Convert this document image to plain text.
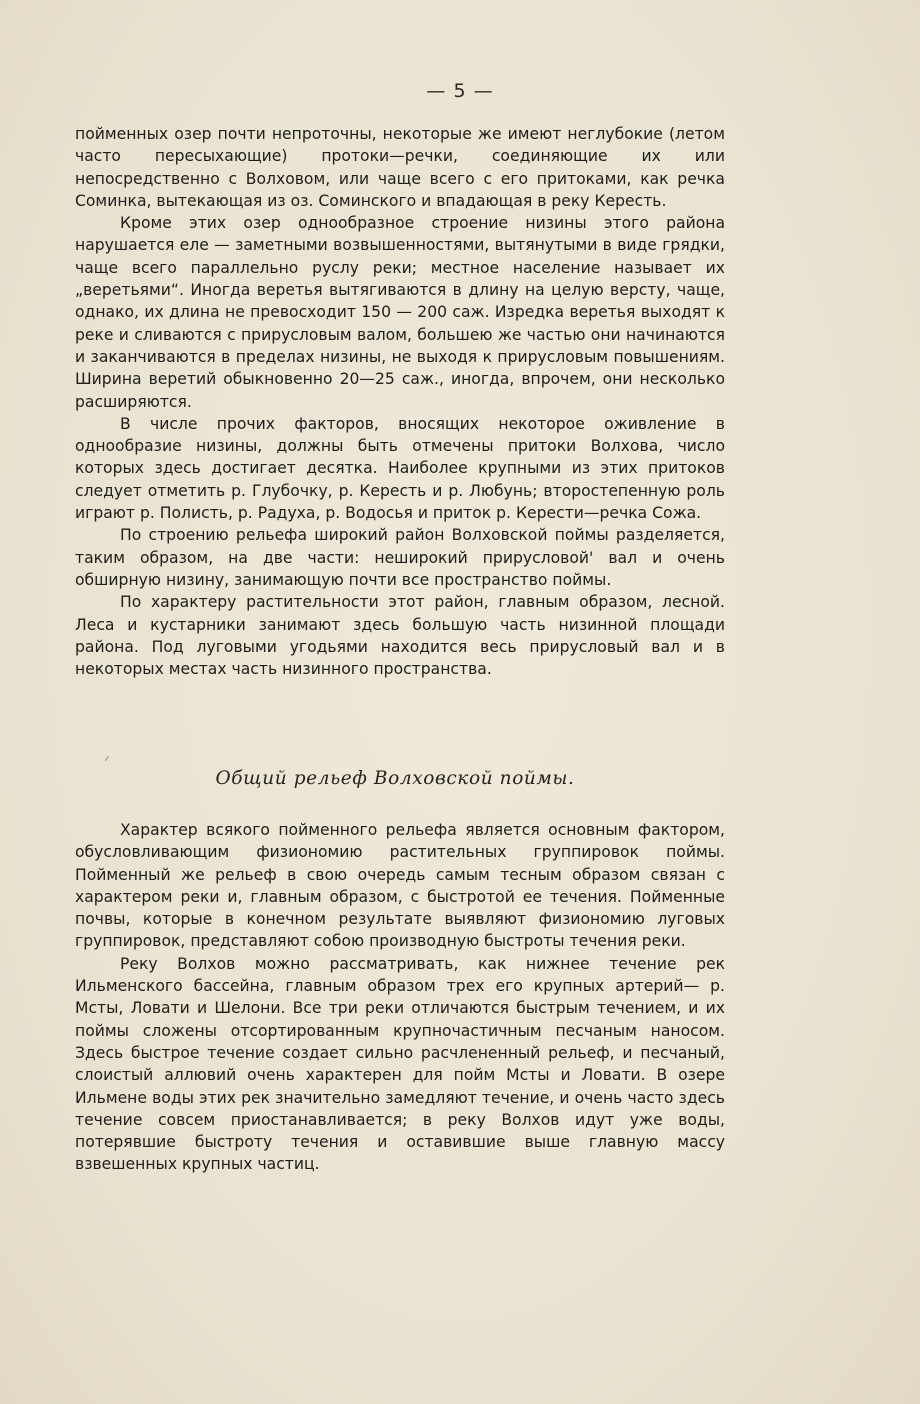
— 5 —

пойменных озер почти непроточны, некоторые же имеют неглубокие (летом часто пересыхающие) протоки—речки, соединяющие их или непосредственно с Волховом, или чаще всего с его притоками, как речка Соминка, вытекающая из оз. Соминского и впадающая в реку Кересть.

Кроме этих озер однообразное строение низины этого района нарушается еле — заметными возвышенностями, вытянутыми в виде грядки, чаще всего параллельно руслу реки; местное население называет их „веретьями“. Иногда веретья вытягиваются в длину на целую версту, чаще, однако, их длина не превосходит 150 — 200 саж. Изредка веретья выходят к реке и сливаются с прирусловым валом, большею же частью они начинаются и заканчиваются в пределах низины, не выходя к прирусловым повышениям. Ширина веретий обыкновенно 20—25 саж., иногда, впрочем, они несколько расширяются.

В числе прочих факторов, вносящих некоторое оживление в однообразие низины, должны быть отмечены притоки Волхова, число которых здесь достигает десятка. Наиболее крупными из этих притоков следует отметить р. Глубочку, р. Кересть и р. Любунь; второстепенную роль играют р. Полисть, р. Радуха, р. Водосья и приток р. Керести—речка Сожа.

По строению рельефа широкий район Волховской поймы разделяется, таким образом, на две части: неширокий прирусловой' вал и очень обширную низину, занимающую почти все пространство поймы.

По характеру растительности этот район, главным образом, лесной. Леса и кустарники занимают здесь большую часть низинной площади района. Под луговыми угодьями находится весь прирусловый вал и в некоторых местах часть низинного пространства.

Общий рельеф Волховской поймы.

Характер всякого пойменного рельефа является основным фактором, обусловливающим физиономию растительных группировок поймы. Пойменный же рельеф в свою очередь самым тесным образом связан с характером реки и, главным образом, с быстротой ее течения. Пойменные почвы, которые в конечном результате выявляют физиономию луговых группировок, представляют собою производную быстроты течения реки.

Реку Волхов можно рассматривать, как нижнее течение рек Ильменского бассейна, главным образом трех его крупных артерий— р. Мсты, Ловати и Шелони. Все три реки отличаются быстрым течением, и их поймы сложены отсортированным крупночастичным песчаным наносом. Здесь быстрое течение создает сильно расчлененный рельеф, и песчаный, слоистый аллювий очень характерен для пойм Мсты и Ловати. В озере Ильмене воды этих рек значительно замедляют течение, и очень часто здесь течение совсем приостанавливается; в реку Волхов идут уже воды, потерявшие быстроту течения и оставившие выше главную массу взвешенных крупных частиц.
